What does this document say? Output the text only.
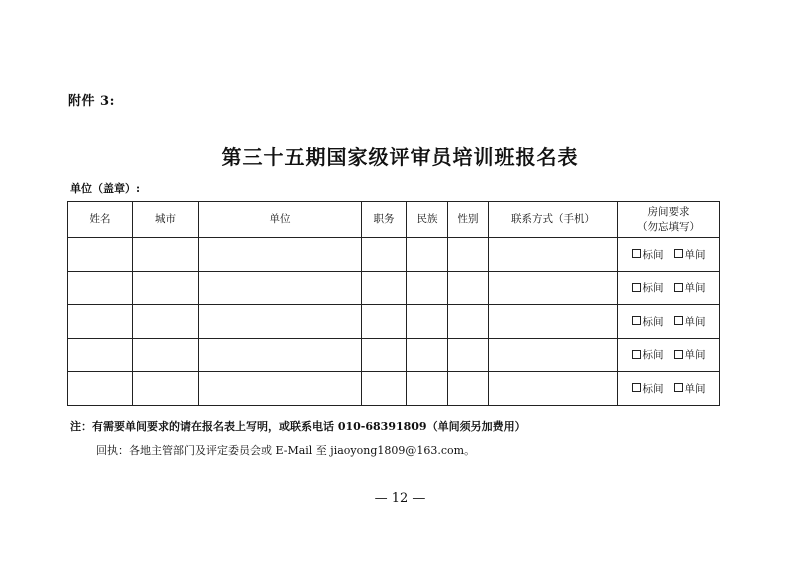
附件 3:
第三十五期国家级评审员培训班报名表
单位（盖章）:
姓名	城市	单位	职务	民族	性别	联系方式（手机）	房间要求
（勿忘填写）

							标间 单间
							标间 单间
							标间 单间
							标间 单间
							标间 单间
注：有需要单间要求的请在报名表上写明，或联系电话 010-68391809（单间须另加费用）
回执：各地主管部门及评定委员会或 E-Mail 至 jiaoyong1809@163.com。
— 12 —
